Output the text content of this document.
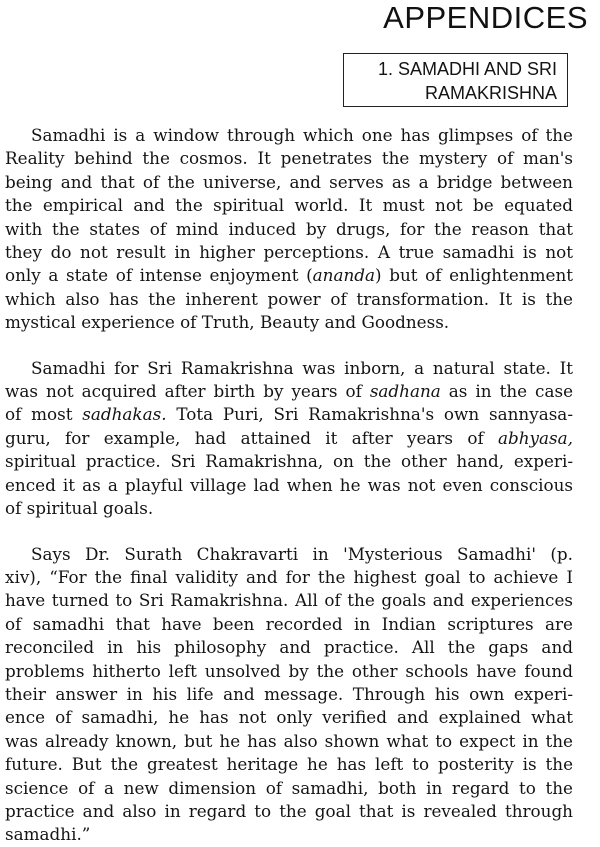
APPENDICES
1. SAMADHI AND SRI
RAMAKRISHNA
Samadhi is a window through which one has glimpses of the
Reality behind the cosmos. It penetrates the mystery of man's
being and that of the universe, and serves as a bridge between
the empirical and the spiritual world. It must not be equated
with the states of mind induced by drugs, for the reason that
they do not result in higher perceptions. A true samadhi is not
only a state of intense enjoyment (ananda) but of enlightenment
which also has the inherent power of transformation. It is the
mystical experience of Truth, Beauty and Goodness.
Samadhi for Sri Ramakrishna was inborn, a natural state. It
was not acquired after birth by years of sadhana as in the case
of most sadhakas. Tota Puri, Sri Ramakrishna's own sannyasa-
guru, for example, had attained it after years of abhyasa,
spiritual practice. Sri Ramakrishna, on the other hand, experi-
enced it as a playful village lad when he was not even conscious
of spiritual goals.
Says Dr. Surath Chakravarti in 'Mysterious Samadhi' (p.
xiv), “For the final validity and for the highest goal to achieve I
have turned to Sri Ramakrishna. All of the goals and experiences
of samadhi that have been recorded in Indian scriptures are
reconciled in his philosophy and practice. All the gaps and
problems hitherto left unsolved by the other schools have found
their answer in his life and message. Through his own experi-
ence of samadhi, he has not only verified and explained what
was already known, but he has also shown what to expect in the
future. But the greatest heritage he has left to posterity is the
science of a new dimension of samadhi, both in regard to the
practice and also in regard to the goal that is revealed through
samadhi.”
